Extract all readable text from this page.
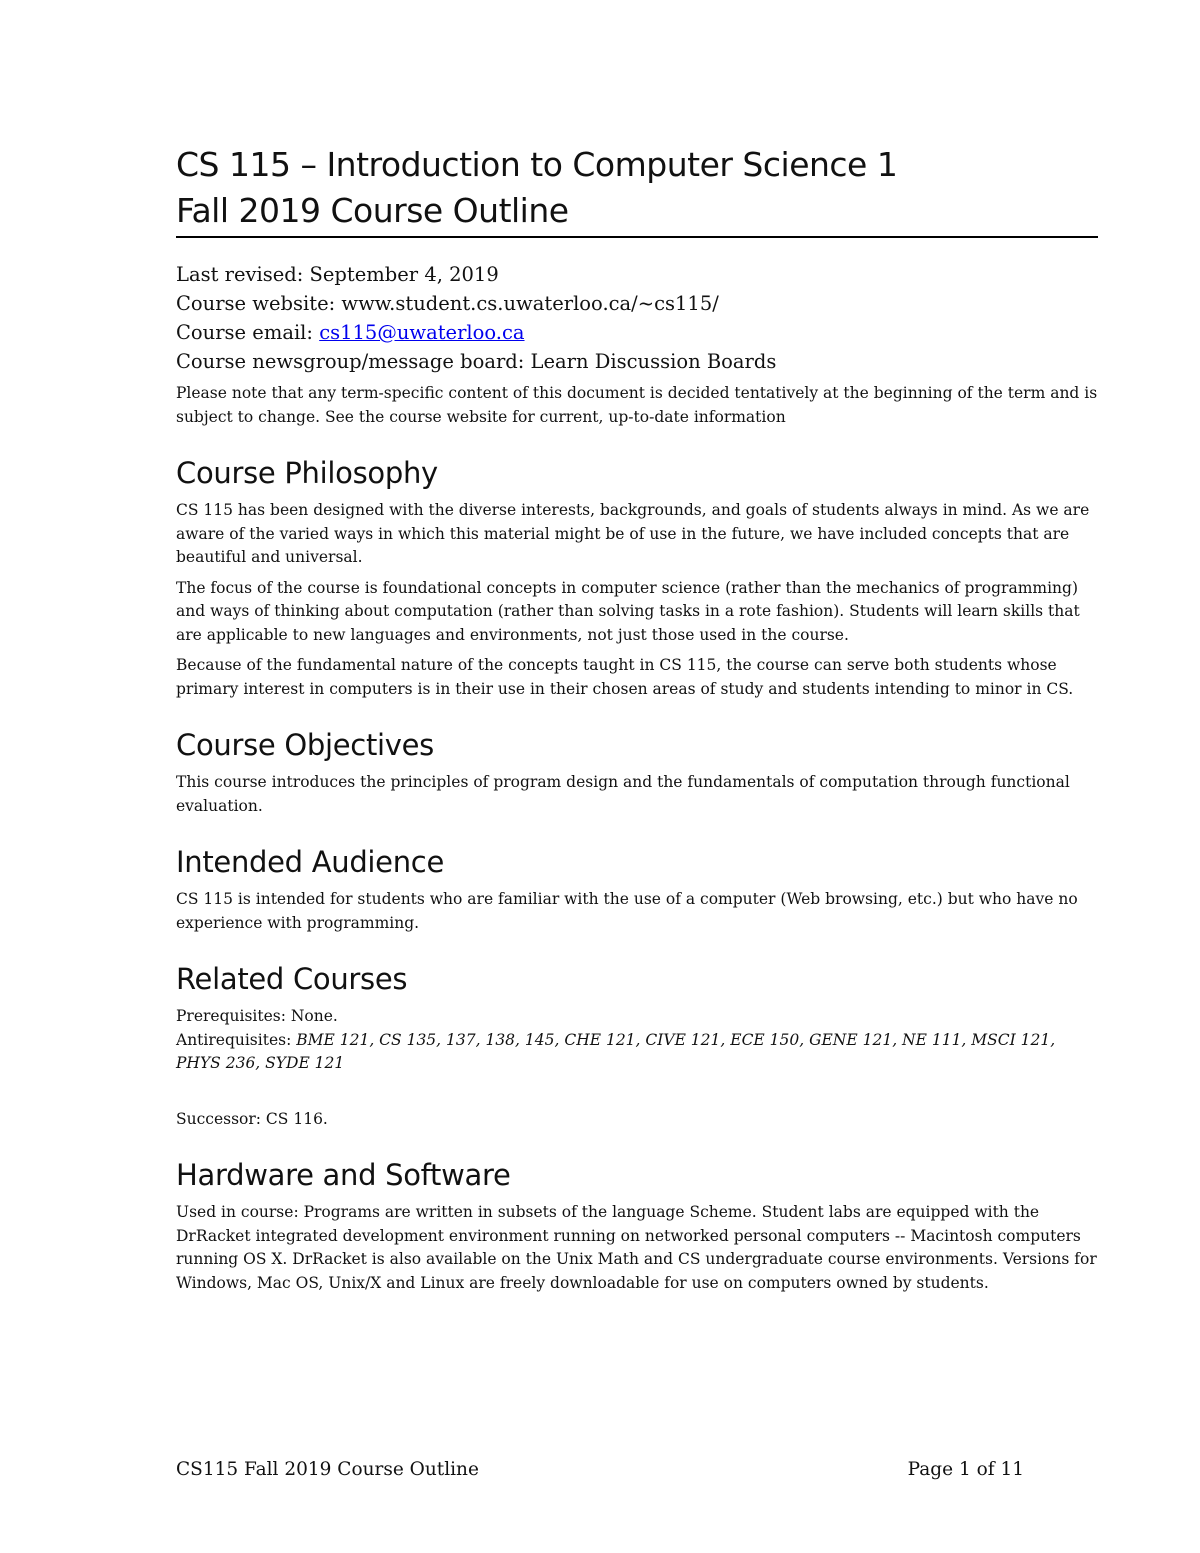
CS 115 – Introduction to Computer Science 1
Fall 2019 Course Outline
Last revised: September 4, 2019
Course website: www.student.cs.uwaterloo.ca/~cs115/
Course email: cs115@uwaterloo.ca
Course newsgroup/message board: Learn Discussion Boards
Please note that any term-specific content of this document is decided tentatively at the beginning of the term and is subject to change. See the course website for current, up-to-date information
Course Philosophy

CS 115 has been designed with the diverse interests, backgrounds, and goals of students always in mind. As we are aware of the varied ways in which this material might be of use in the future, we have included concepts that are beautiful and universal.

The focus of the course is foundational concepts in computer science (rather than the mechanics of programming) and ways of thinking about computation (rather than solving tasks in a rote fashion). Students will learn skills that are applicable to new languages and environments, not just those used in the course.

Because of the fundamental nature of the concepts taught in CS 115, the course can serve both students whose primary interest in computers is in their use in their chosen areas of study and students intending to minor in CS.

Course Objectives

This course introduces the principles of program design and the fundamentals of computation through functional evaluation.

Intended Audience

CS 115 is intended for students who are familiar with the use of a computer (Web browsing, etc.) but who have no experience with programming.

Related Courses
Prerequisites: None.
Antirequisites: BME 121, CS 135, 137, 138, 145, CHE 121, CIVE 121, ECE 150, GENE 121, NE 111, MSCI 121, PHYS 236, SYDE 121
Successor: CS 116.
Hardware and Software

Used in course: Programs are written in subsets of the language Scheme. Student labs are equipped with the DrRacket integrated development environment running on networked personal computers -- Macintosh computers running OS X. DrRacket is also available on the Unix Math and CS undergraduate course environments. Versions for Windows, Mac OS, Unix/X and Linux are freely downloadable for use on computers owned by students.

CS115 Fall 2019 Course Outline	Page 1 of 11
